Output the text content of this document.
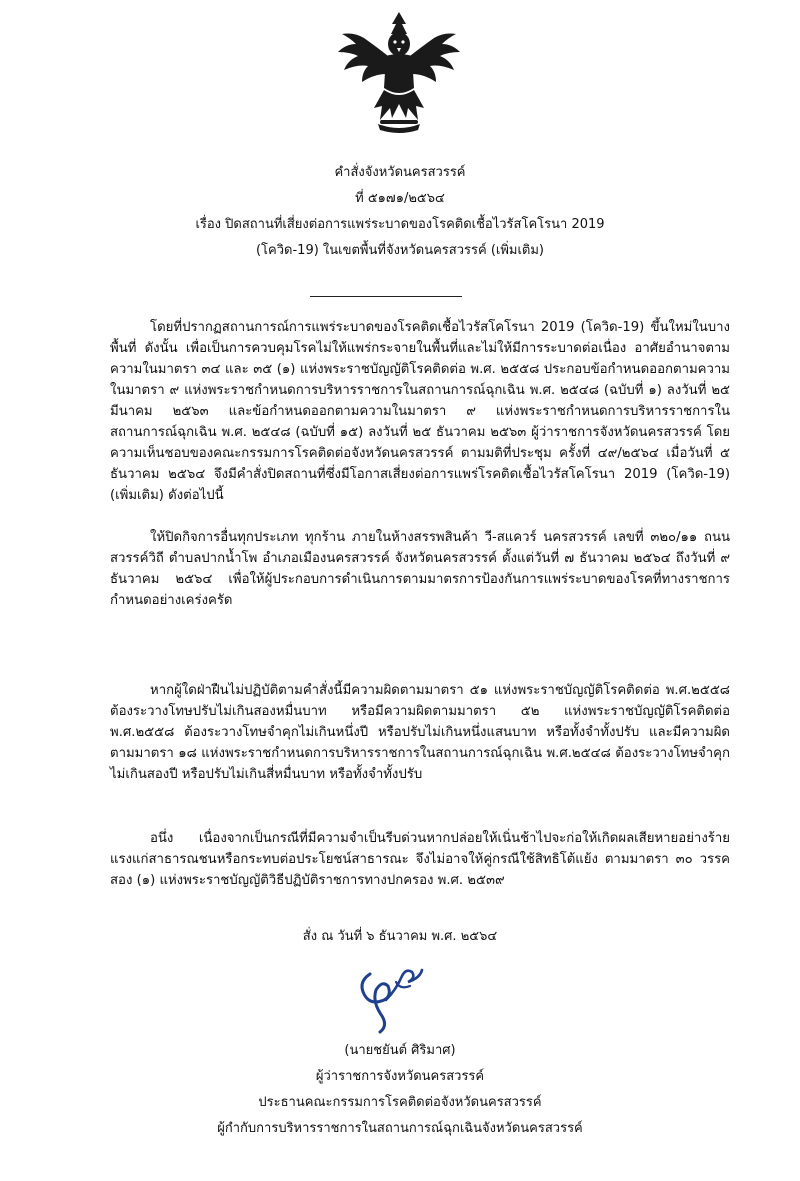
คำสั่งจังหวัดนครสวรรค์
ที่ ๕๑๗๑/๒๕๖๔
เรื่อง ปิดสถานที่เสี่ยงต่อการแพร่ระบาดของโรคติดเชื้อไวรัสโคโรนา 2019
(โควิด-19) ในเขตพื้นที่จังหวัดนครสวรรค์ (เพิ่มเติม)
โดยที่ปรากฏสถานการณ์การแพร่ระบาดของโรคติดเชื้อไวรัสโคโรนา 2019 (โควิด-19) ขึ้นใหม่ในบางพื้นที่ ดังนั้น เพื่อเป็นการควบคุมโรคไม่ให้แพร่กระจายในพื้นที่และไม่ให้มีการระบาดต่อเนื่อง อาศัยอำนาจตามความในมาตรา ๓๔ และ ๓๕ (๑) แห่งพระราชบัญญัติโรคติดต่อ พ.ศ. ๒๕๕๘ ประกอบข้อกำหนดออกตามความในมาตรา ๙ แห่งพระราชกำหนดการบริหารราชการในสถานการณ์ฉุกเฉิน พ.ศ. ๒๕๔๘ (ฉบับที่ ๑) ลงวันที่ ๒๕ มีนาคม ๒๕๖๓ และข้อกำหนดออกตามความในมาตรา ๙ แห่งพระราชกำหนดการบริหารราชการในสถานการณ์ฉุกเฉิน พ.ศ. ๒๕๔๘ (ฉบับที่ ๑๕) ลงวันที่ ๒๕ ธันวาคม ๒๕๖๓ ผู้ว่าราชการจังหวัดนครสวรรค์ โดยความเห็นชอบของคณะกรรมการโรคติดต่อจังหวัดนครสวรรค์ ตามมติที่ประชุม ครั้งที่ ๔๙/๒๕๖๔ เมื่อวันที่ ๕ ธันวาคม ๒๕๖๔ จึงมีคำสั่งปิดสถานที่ซึ่งมีโอกาสเสี่ยงต่อการแพร่โรคติดเชื้อไวรัสโคโรนา 2019 (โควิด-19) (เพิ่มเติม) ดังต่อไปนี้
ให้ปิดกิจการอื่นทุกประเภท ทุกร้าน ภายในห้างสรรพสินค้า วี-สแควร์ นครสวรรค์ เลขที่ ๓๒๐/๑๑ ถนนสวรรค์วิถี ตำบลปากน้ำโพ อำเภอเมืองนครสวรรค์ จังหวัดนครสวรรค์ ตั้งแต่วันที่ ๗ ธันวาคม ๒๕๖๔ ถึงวันที่ ๙ ธันวาคม ๒๕๖๔ เพื่อให้ผู้ประกอบการดำเนินการตามมาตรการป้องกันการแพร่ระบาดของโรคที่ทางราชการกำหนดอย่างเคร่งครัด
หากผู้ใดฝ่าฝืนไม่ปฏิบัติตามคำสั่งนี้มีความผิดตามมาตรา ๕๑ แห่งพระราชบัญญัติโรคติดต่อ พ.ศ.๒๕๕๘ ต้องระวางโทษปรับไม่เกินสองหมื่นบาท หรือมีความผิดตามมาตรา ๕๒ แห่งพระราชบัญญัติโรคติดต่อ พ.ศ.๒๕๕๘ ต้องระวางโทษจำคุกไม่เกินหนึ่งปี หรือปรับไม่เกินหนึ่งแสนบาท หรือทั้งจำทั้งปรับ และมีความผิดตามมาตรา ๑๘ แห่งพระราชกำหนดการบริหารราชการในสถานการณ์ฉุกเฉิน พ.ศ.๒๕๔๘ ต้องระวางโทษจำคุกไม่เกินสองปี หรือปรับไม่เกินสี่หมื่นบาท หรือทั้งจำทั้งปรับ
อนึ่ง เนื่องจากเป็นกรณีที่มีความจำเป็นรีบด่วนหากปล่อยให้เนิ่นช้าไปจะก่อให้เกิดผลเสียหายอย่างร้ายแรงแก่สาธารณชนหรือกระทบต่อประโยชน์สาธารณะ จึงไม่อาจให้คู่กรณีใช้สิทธิโต้แย้ง ตามมาตรา ๓๐ วรรคสอง (๑) แห่งพระราชบัญญัติวิธีปฏิบัติราชการทางปกครอง พ.ศ. ๒๕๓๙
สั่ง ณ วันที่ ๖ ธันวาคม พ.ศ. ๒๕๖๔
(นายชยันต์ ศิริมาศ)
ผู้ว่าราชการจังหวัดนครสวรรค์
ประธานคณะกรรมการโรคติดต่อจังหวัดนครสวรรค์
ผู้กำกับการบริหารราชการในสถานการณ์ฉุกเฉินจังหวัดนครสวรรค์
